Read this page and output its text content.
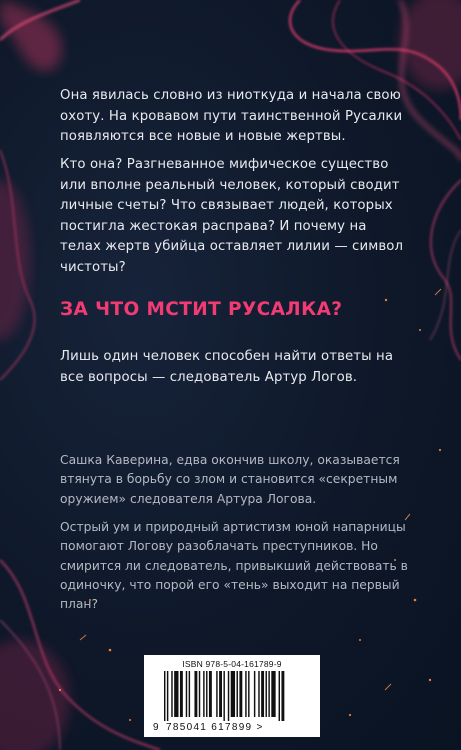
Она явилась словно из ниоткуда и начала свою охоту. На кровавом пути таинственной Русалки появляются все новые и новые жертвы.

Кто она? Разгневанное мифическое существо или вполне реальный человек, который сводит личные счеты? Что связывает людей, которых постигла жестокая расправа? И почему на телах жертв убийца оставляет лилии — символ чистоты?

ЗА ЧТО МСТИТ РУСАЛКА?

Лишь один человек способен найти ответы на все вопросы — следователь Артур Логов.

Сашка Каверина, едва окончив школу, оказывается втянута в борьбу со злом и становится «секретным оружием» следователя Артура Логова.

Острый ум и природный артистизм юной напарницы помогают Логову разоблачать преступников. Но смирится ли следователь, привыкший действовать в одиночку, что порой его «тень» выходит на первый план?

ISBN 978-5-04-161789-9
9 785041 617899 >
